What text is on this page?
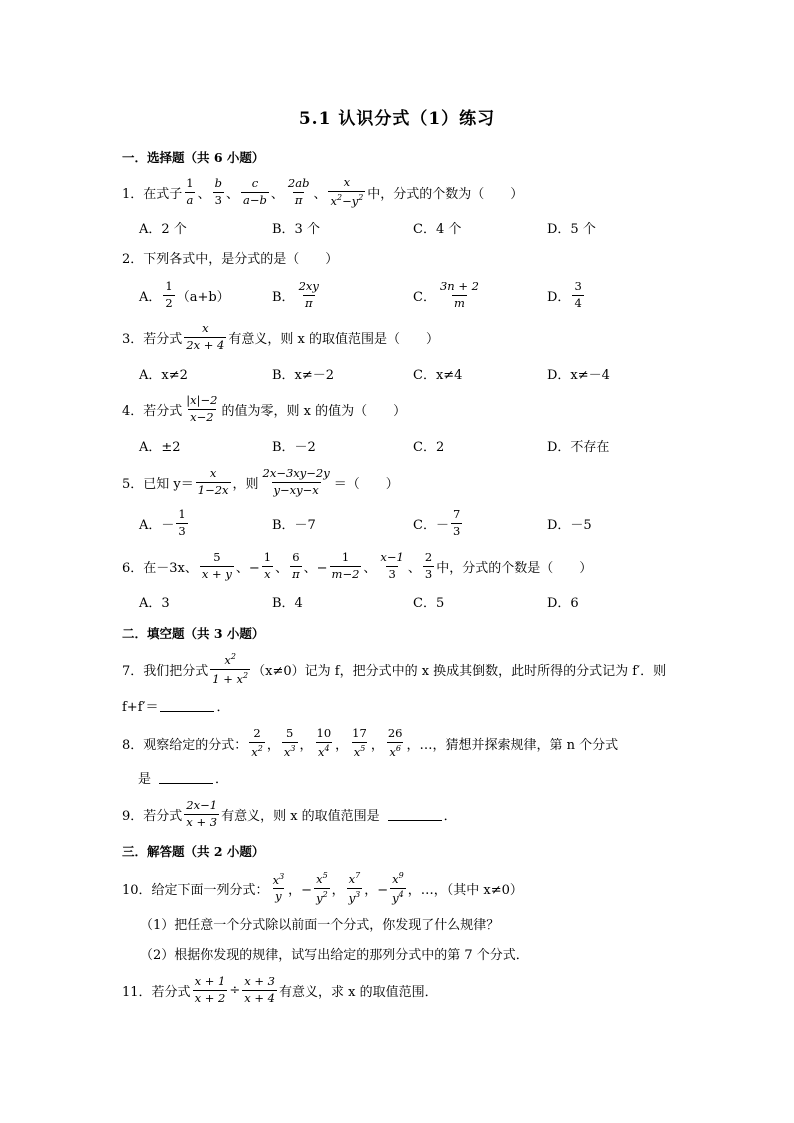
5.1 认识分式（1）练习
一．选择题（共 6 小题）
1． 在式子 $\frac{1}{a}$ 、 $\frac{b}{3}$ 、 $\frac{c}{a-b}$ 、 $\frac{2ab}{\pi}$ 、 $\frac{x}{x^2-y^2}$ 中，分式的个数为（　　）
A．2 个	B．3 个	C．4 个	D．5 个
2．下列各式中，是分式的是（　　）
A． $\frac{1}{2} (a+b)$	B． $\frac{2xy}{\pi}$	C． $\frac{3n + 2}{m}$	D． $\frac{3}{4}$
3． 若分式 $\frac{x}{2x + 4}$ 有意义，则 x 的取值范围是（　　）
A．x≠2	B．x≠－2	C．x≠4	D．x≠－4
4． 若分式 $\frac{|x|-2}{x-2}$ 的值为零，则 x 的值为（　　）
A．±2	B．－2	C．2	D．不存在
5． 已知 $y= \frac{x}{1-2x}$ ，则 $\frac{2x-3xy-2y}{y-xy-x}$ ＝（　　）
A．－ $\frac{1}{3}$	B．－7	C．－ $\frac{7}{3}$	D．－5
6． 在－3x、 $\frac{5}{x + y}$ 、− $\frac{1}{x}$ 、 $\frac{6}{\pi}$ 、− $\frac{1}{m-2}$ 、 $\frac{x-1}{3}$ 、 $\frac{2}{3}$ 中，分式的个数是（　　）
A．3	B．4	C．5	D．6
二．填空题（共 3 小题）
7． 我们把分式 $\frac{x^2}{1 + x^2} (x\ne 0)$记为 f，把分式中的 x 换成其倒数，此时所得的分式记为 f′．则
f+f′＝	．
8． 观察给定的分式： $\frac{2}{x^2}$ ， $\frac{5}{x^3}$ ， $\frac{10}{x^4}$ ， $\frac{17}{x^5}$ ， $\frac{26}{x^6}$ ，…，猜想并探索规律，第 n 个分式
是	．
9． 若分式 $\frac{2x-1}{x + 3}$ 有意义，则 x 的取值范围是	．
三．解答题（共 2 小题）
10． 给定下面一列分式： $\frac{x^3}{y}$ ，− $\frac{x^5}{y^2}$ ， $\frac{x^7}{y^3}$ ，− $\frac{x^9}{y^4}$ ，…，（其中 x≠0）
（1）把任意一个分式除以前面一个分式，你发现了什么规律？
（2）根据你发现的规律，试写出给定的那列分式中的第 7 个分式．
11． 若分式 $\frac{x + 1}{x + 2} \div \frac{x + 3}{x + 4}$ 有意义，求 x 的取值范围．
